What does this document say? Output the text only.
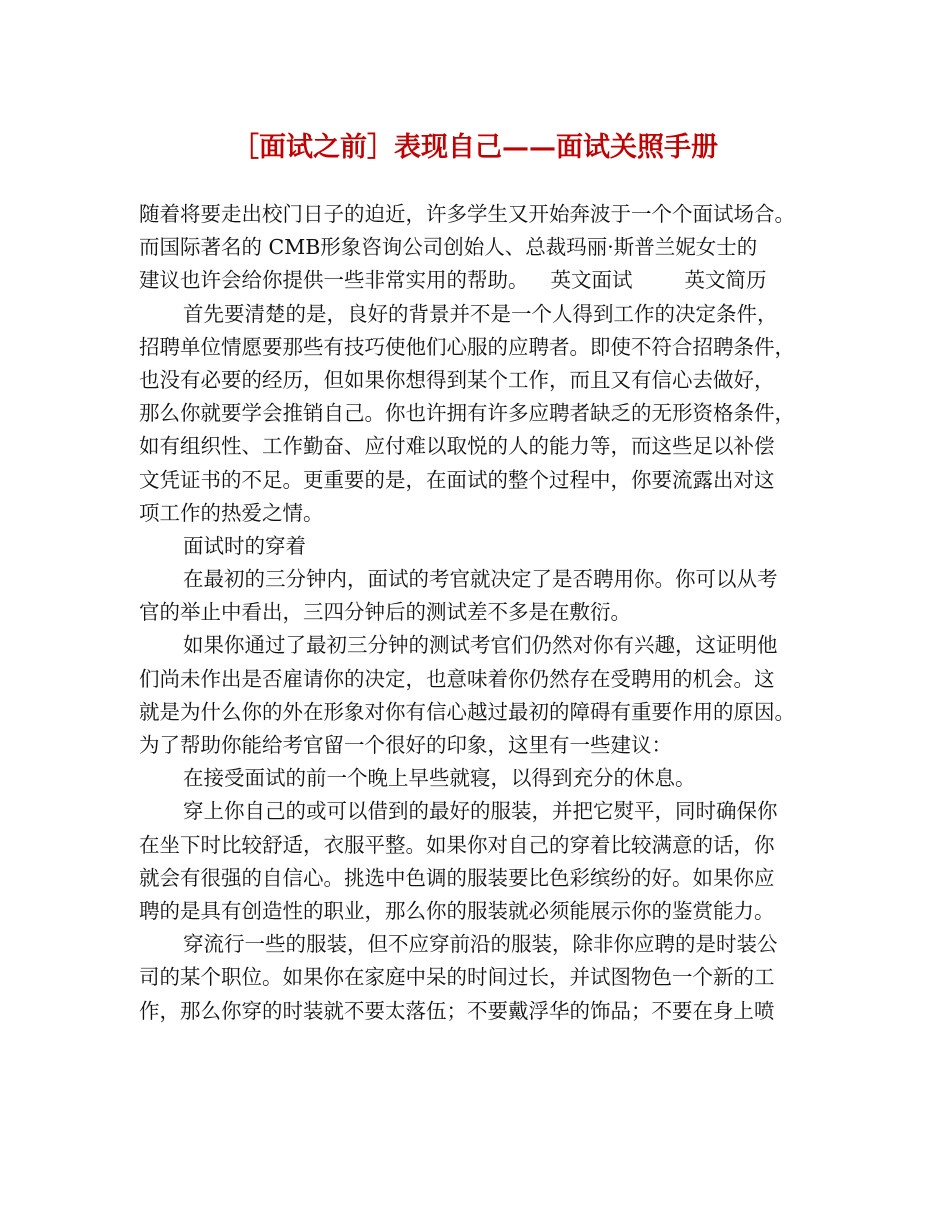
［面试之前］表现自己——面试关照手册
随着将要走出校门日子的迫近，许多学生又开始奔波于一个个面试场合。
而国际著名的 CMB形象咨询公司创始人、总裁玛丽·斯普兰妮女士的
建议也许会给你提供一些非常实用的帮助。 英文面试	英文简历
首先要清楚的是，良好的背景并不是一个人得到工作的决定条件，
招聘单位情愿要那些有技巧使他们心服的应聘者。即使不符合招聘条件，
也没有必要的经历，但如果你想得到某个工作，而且又有信心去做好，
那么你就要学会推销自己。你也许拥有许多应聘者缺乏的无形资格条件，
如有组织性、工作勤奋、应付难以取悦的人的能力等，而这些足以补偿
文凭证书的不足。更重要的是，在面试的整个过程中，你要流露出对这
项工作的热爱之情。
面试时的穿着
在最初的三分钟内，面试的考官就决定了是否聘用你。你可以从考
官的举止中看出，三四分钟后的测试差不多是在敷衍。
如果你通过了最初三分钟的测试考官们仍然对你有兴趣，这证明他
们尚未作出是否雇请你的决定，也意味着你仍然存在受聘用的机会。这
就是为什么你的外在形象对你有信心越过最初的障碍有重要作用的原因。
为了帮助你能给考官留一个很好的印象，这里有一些建议：
在接受面试的前一个晚上早些就寝，以得到充分的休息。
穿上你自己的或可以借到的最好的服装，并把它熨平，同时确保你
在坐下时比较舒适，衣服平整。如果你对自己的穿着比较满意的话，你
就会有很强的自信心。挑选中色调的服装要比色彩缤纷的好。如果你应
聘的是具有创造性的职业，那么你的服装就必须能展示你的鉴赏能力。
穿流行一些的服装，但不应穿前沿的服装，除非你应聘的是时装公
司的某个职位。如果你在家庭中呆的时间过长，并试图物色一个新的工
作，那么你穿的时装就不要太落伍；不要戴浮华的饰品；不要在身上喷
